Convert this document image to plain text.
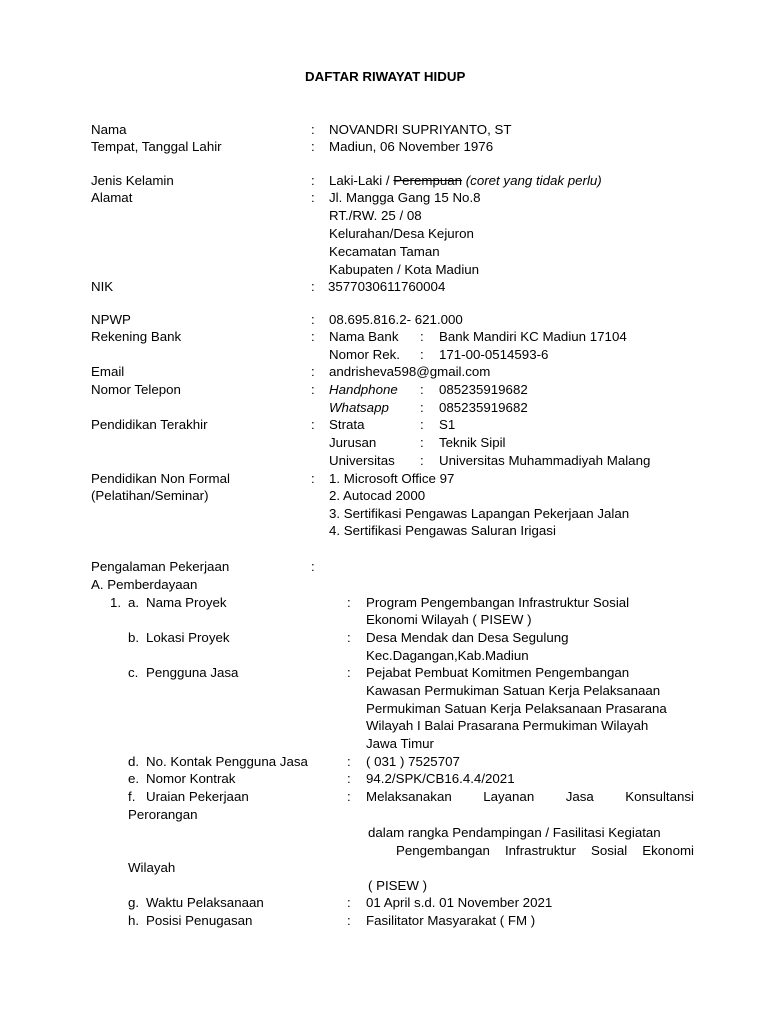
DAFTAR RIWAYAT HIDUP
Nama	: NOVANDRI SUPRIYANTO, ST
Tempat, Tanggal Lahir	: Madiun, 06 November 1976
Jenis Kelamin	: Laki-Laki / Perempuan (coret yang tidak perlu)
Alamat	: Jl. Mangga Gang 15 No.8
RT./RW. 25 / 08
Kelurahan/Desa Kejuron
Kecamatan Taman
Kabupaten / Kota Madiun
NIK	: 3577030611760004
NPWP	: 08.695.816.2- 621.000
Rekening Bank	: Nama Bank : Bank Mandiri KC Madiun 17104
Nomor Rek. : 171-00-0514593-6
Email	: andrisheva598@gmail.com
Nomor Telepon	: Handphone : 085235919682
Whatsapp : 085235919682
Pendidikan Terakhir	: Strata	: S1
Jurusan	: Teknik Sipil
Universitas : Universitas Muhammadiyah Malang
Pendidikan Non Formal
(Pelatihan/Seminar)
: 1. Microsoft Office 97
2. Autocad 2000
3. Sertifikasi Pengawas Lapangan Pekerjaan Jalan
4. Sertifikasi Pengawas Saluran Irigasi
Pengalaman Pekerjaan	:
A. Pemberdayaan
1. a. Nama Proyek	: Program Pengembangan Infrastruktur Sosial
Ekonomi Wilayah ( PISEW )
b. Lokasi Proyek	: Desa Mendak dan Desa Segulung
Kec.Dagangan,Kab.Madiun
c. Pengguna Jasa	: Pejabat Pembuat Komitmen Pengembangan
Kawasan Permukiman Satuan Kerja Pelaksanaan
Permukiman Satuan Kerja Pelaksanaan Prasarana
Wilayah I Balai Prasarana Permukiman Wilayah
Jawa Timur
d. No. Kontak Pengguna Jasa	: ( 031 ) 7525707
e. Nomor Kontrak	: 94.2/SPK/CB16.4.4/2021
f. Uraian Pekerjaan	: Melaksanakan Layanan Jasa Konsultansi
Perorangan
dalam rangka Pendampingan / Fasilitasi Kegiatan
Pengembangan Infrastruktur Sosial Ekonomi
Wilayah
( PISEW )
g. Waktu Pelaksanaan	: 01 April s.d. 01 November 2021
h. Posisi Penugasan	: Fasilitator Masyarakat ( FM )
